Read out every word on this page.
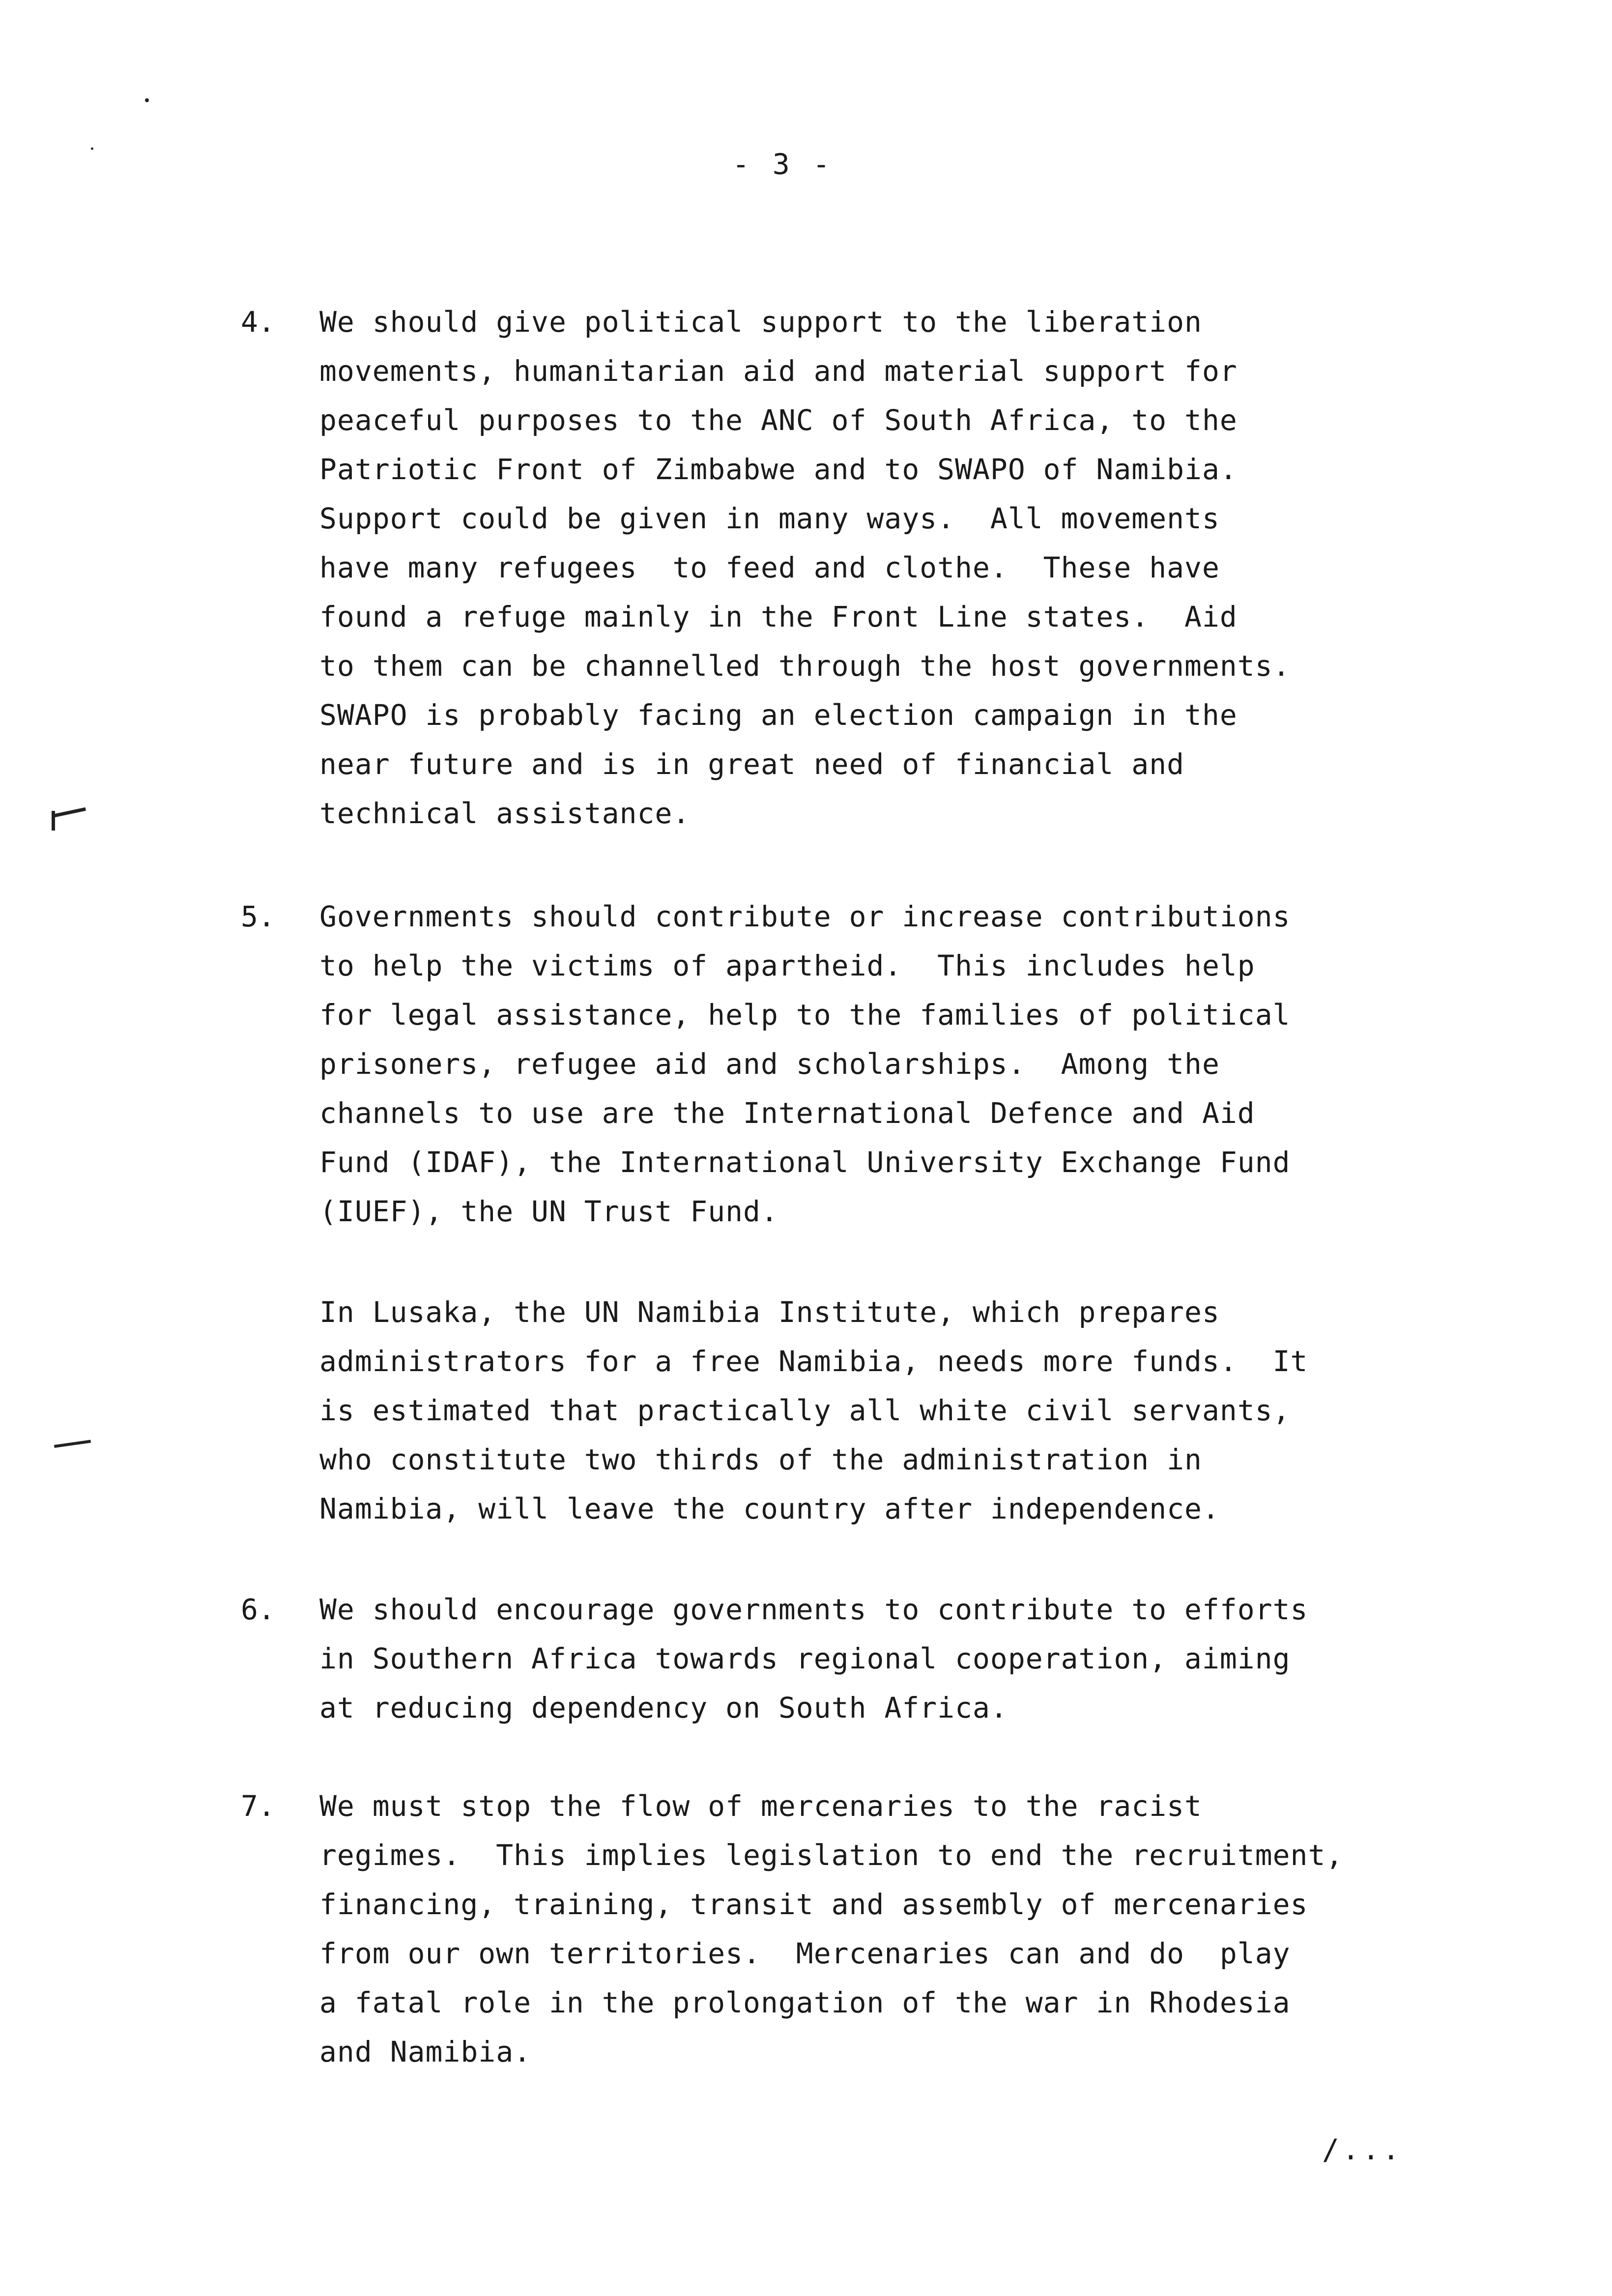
- 3 -
4. We should give political support to the liberation
movements, humanitarian aid and material support for
peaceful purposes to the ANC of South Africa, to the
Patriotic Front of Zimbabwe and to SWAPO of Namibia.
Support could be given in many ways.  All movements
have many refugees  to feed and clothe.  These have
found a refuge mainly in the Front Line states.  Aid
to them can be channelled through the host governments.
SWAPO is probably facing an election campaign in the
near future and is in great need of financial and
technical assistance.
5. Governments should contribute or increase contributions
to help the victims of apartheid.  This includes help
for legal assistance, help to the families of political
prisoners, refugee aid and scholarships.  Among the
channels to use are the International Defence and Aid
Fund (IDAF), the International University Exchange Fund
(IUEF), the UN Trust Fund.
In Lusaka, the UN Namibia Institute, which prepares
administrators for a free Namibia, needs more funds.  It
is estimated that practically all white civil servants,
who constitute two thirds of the administration in
Namibia, will leave the country after independence.
6. We should encourage governments to contribute to efforts
in Southern Africa towards regional cooperation, aiming
at reducing dependency on South Africa.
7. We must stop the flow of mercenaries to the racist
regimes.  This implies legislation to end the recruitment,
financing, training, transit and assembly of mercenaries
from our own territories.  Mercenaries can and do  play
a fatal role in the prolongation of the war in Rhodesia
and Namibia.
/...
